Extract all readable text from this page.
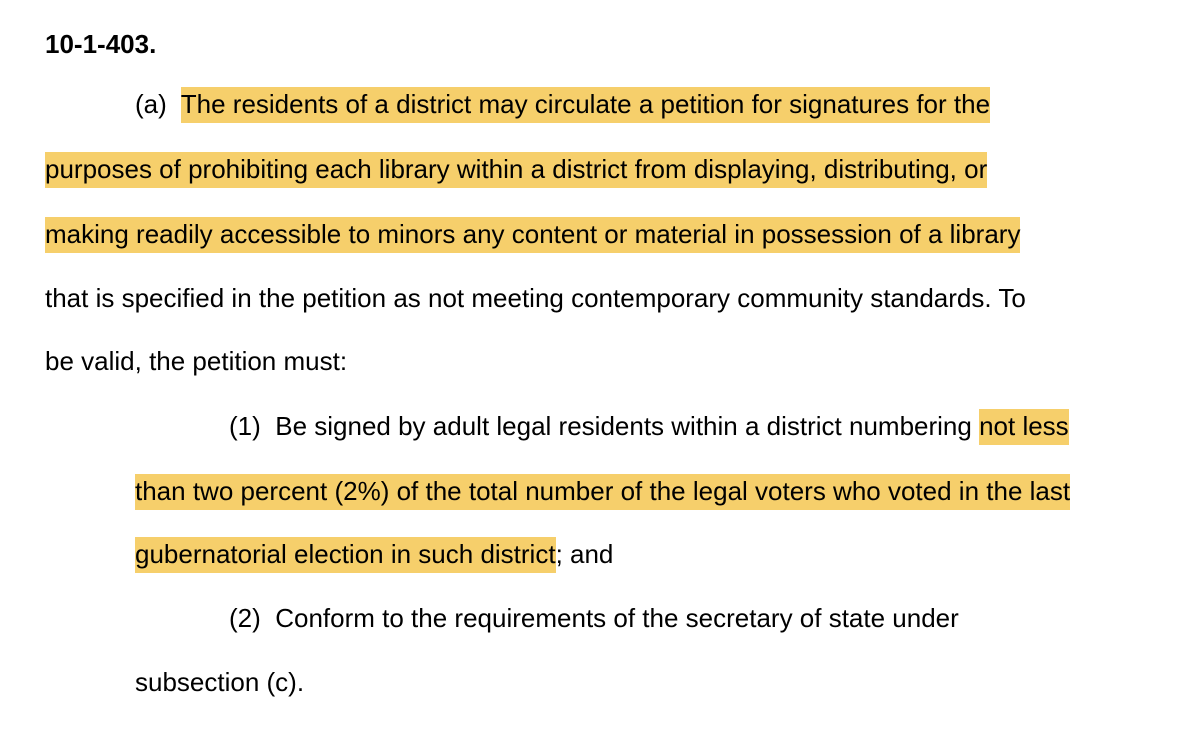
10-1-403.
(a) The residents of a district may circulate a petition for signatures for the
purposes of prohibiting each library within a district from displaying, distributing, or
making readily accessible to minors any content or material in possession of a library
that is specified in the petition as not meeting contemporary community standards. To
be valid, the petition must:
(1) Be signed by adult legal residents within a district numbering not less
than two percent (2%) of the total number of the legal voters who voted in the last
gubernatorial election in such district; and
(2) Conform to the requirements of the secretary of state under
subsection (c).
